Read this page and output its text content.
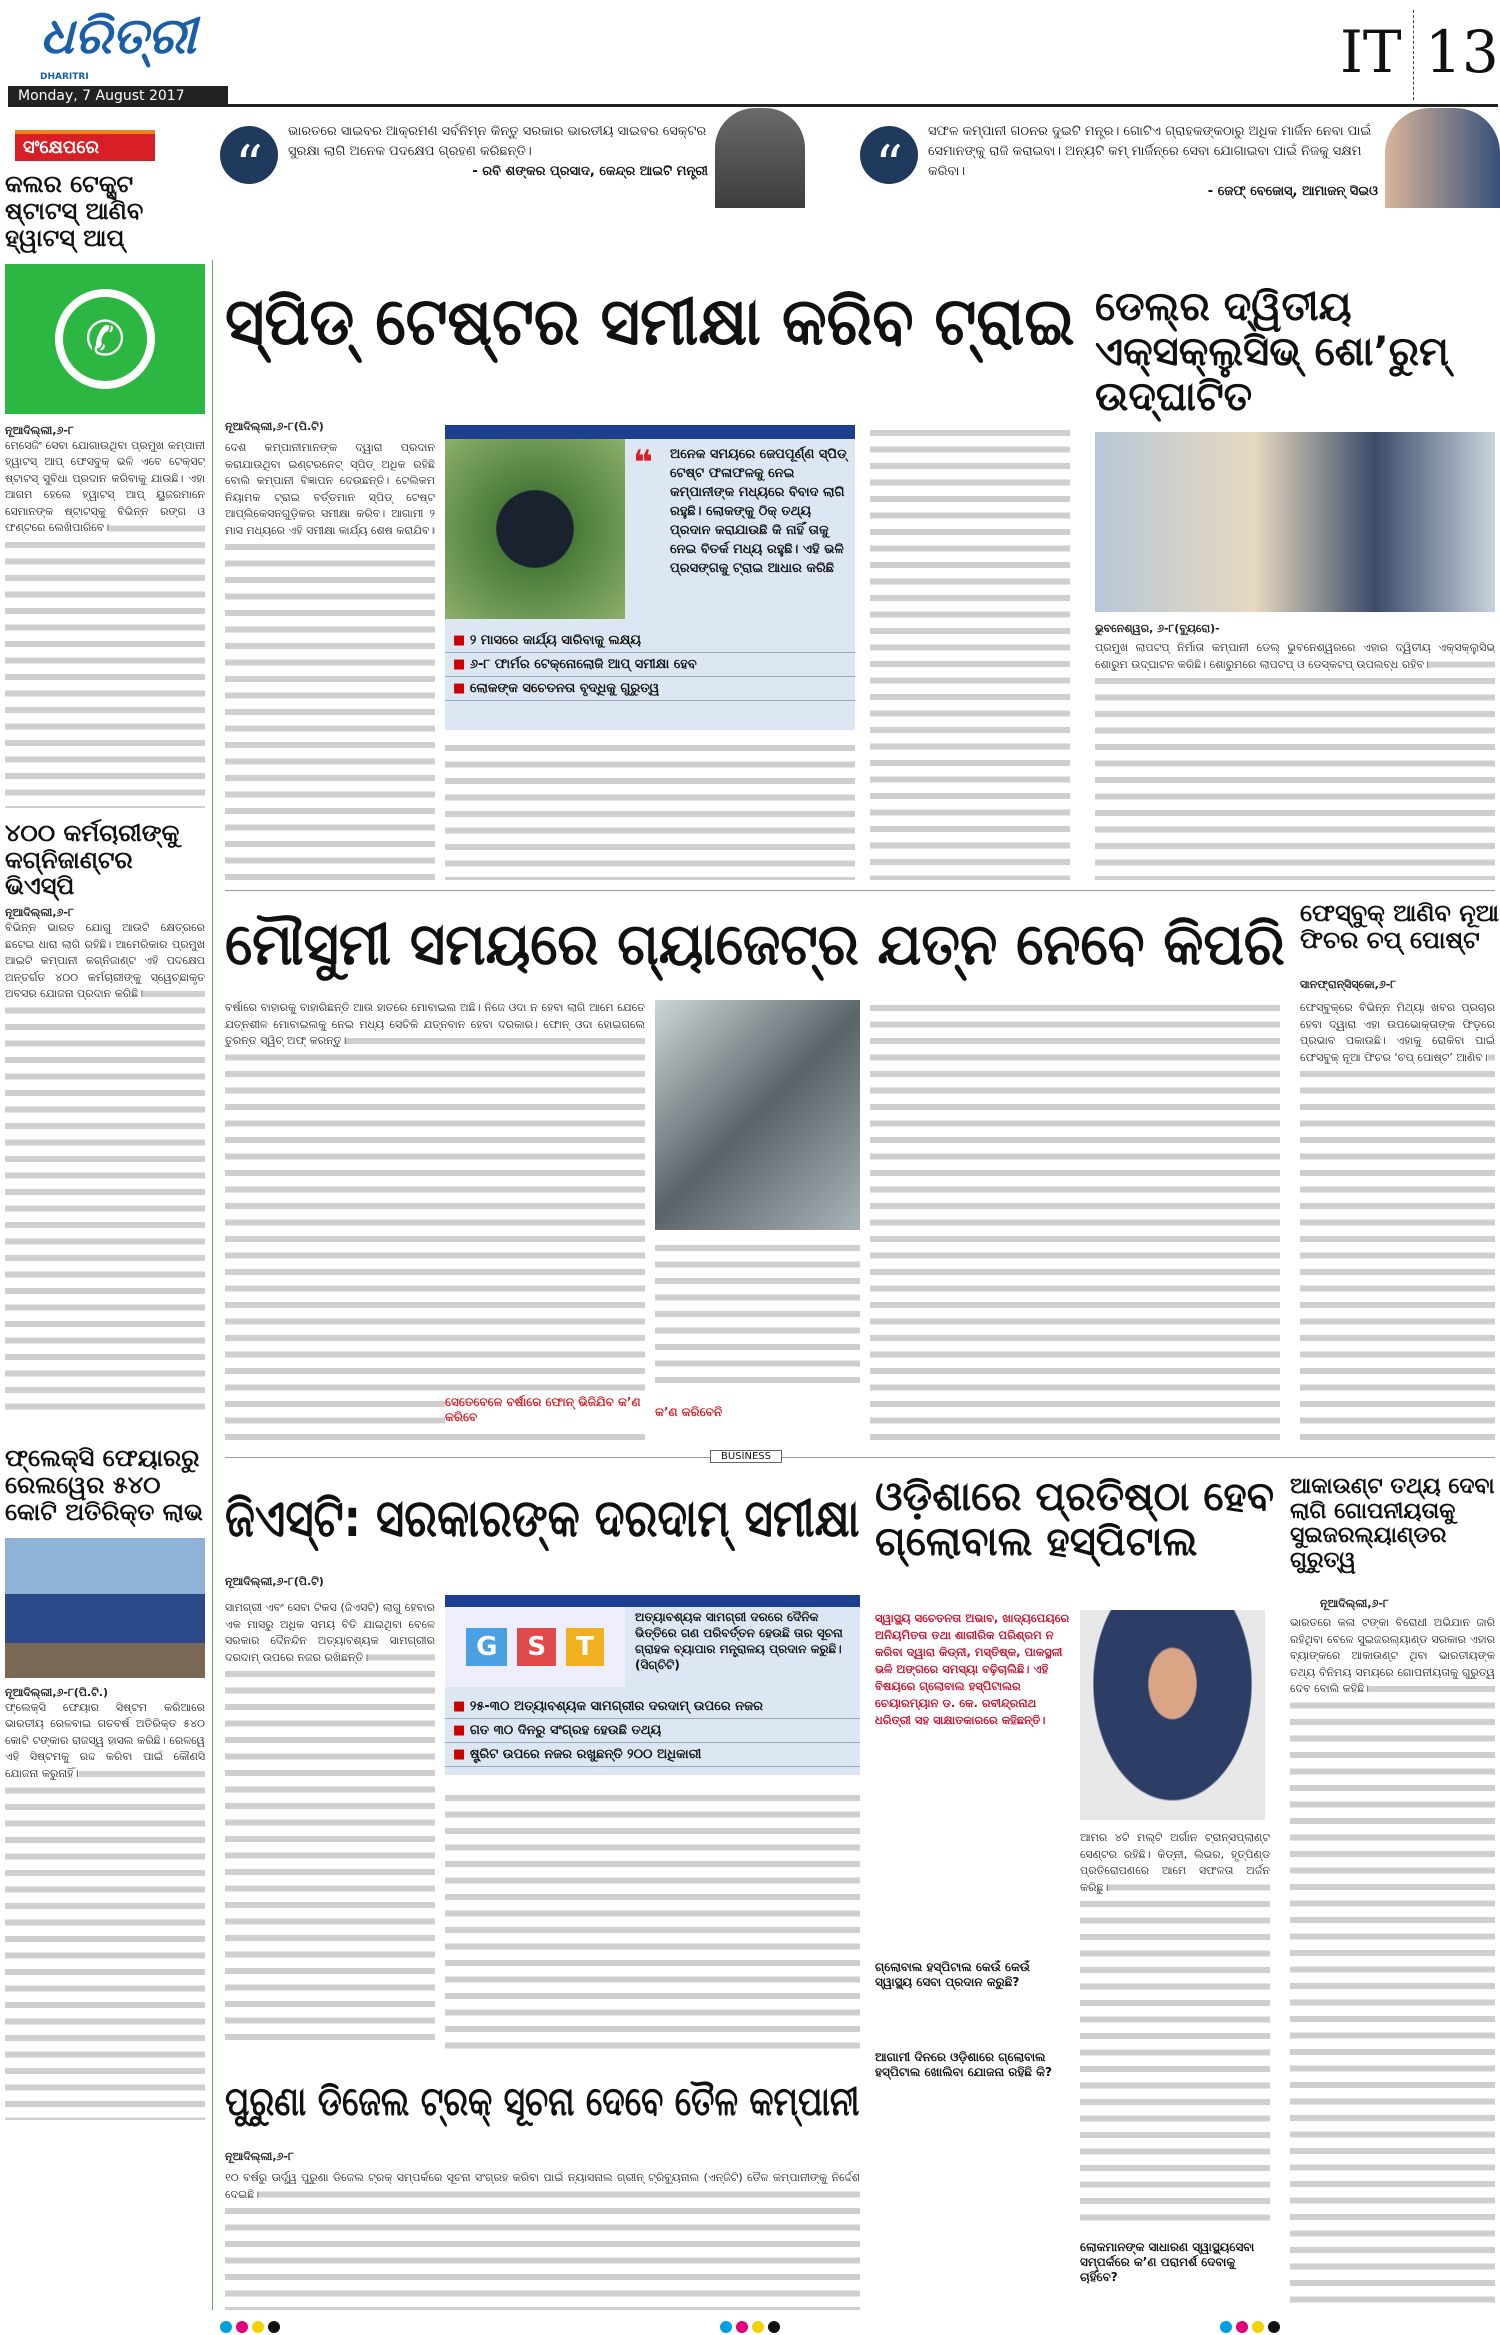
ଧରିତ୍ରୀ
DHARITRI
Monday, 7 August 2017
IT 13
“
ଭାରତରେ ସାଇବର ଆକ୍ରମଣ ସର୍ବନିମ୍ନ କିନ୍ତୁ ସରକାର ଭାରତୀୟ ସାଇବର ସେକ୍ଟର ସୁରକ୍ଷା ଲାଗି ଅନେକ ପଦକ୍ଷେପ ଗ୍ରହଣ କରିଛନ୍ତି।
- ରବି ଶଙ୍କର ପ୍ରସାଦ, କେନ୍ଦ୍ର ଆଇଟି ମନ୍ତ୍ରୀ	“
ସଫଳ କମ୍ପାନୀ ଗଠନର ଦୁଇଟି ମନ୍ତ୍ର। ଗୋଟିଏ ଗ୍ରାହକଙ୍କଠାରୁ ଅଧିକ ମାର୍ଜିନ ନେବା ପାଇଁ ସେମାନଙ୍କୁ ରାଜି କରାଇବା। ଅନ୍ୟଟି କମ୍ ମାର୍ଜିନ୍‌ରେ ସେବା ଯୋଗାଇବା ପାଇଁ ନିଜକୁ ସକ୍ଷମ କରିବା।
- ଜେଫ୍ ବେଜୋସ୍, ଆମାଜନ୍ ସିଇଓ
ସଂକ୍ଷେପରେ
କଲର ଟେକ୍ସ୍ଟ ଷ୍ଟାଟସ୍ ଆଣିବ ହ୍ୱାଟସ୍ ଆପ୍
✆
ନୂଆଦିଲ୍ଲୀ,୬-୮
ମେସେଜିଂ ସେବା ଯୋଗାଉଥିବା ପ୍ରମୁଖ କମ୍ପାନୀ ହ୍ୱାଟସ୍ ଆପ୍ ଫେସବୁକ୍ ଭଳି ଏବେ ଟେକ୍ସଟ୍ ଷ୍ଟାଟସ୍ ସୁବିଧା ପ୍ରଦାନ କରିବାକୁ ଯାଉଛି। ଏହା ଆଗମ ହେଲେ ହ୍ୱାଟସ୍ ଆପ୍ ୟୁଜରମାନେ ସେମାନଙ୍କ ଷ୍ଟାଟସ୍‌କୁ ବିଭିନ୍ନ ରଙ୍ଗ ଓ ଫଣ୍ଟରେ ଲେଖିପାରିବେ।
୪୦୦ କର୍ମଚାରୀଙ୍କୁ କଗ୍‌ନିଜାଣ୍ଟର ଭିଏସ୍‌ପି
ନୂଆଦିଲ୍ଲୀ,୬-୮
ବିଭିନ୍ନ ଭାରତ ଯୋଗୁ ଆଉଟି କ୍ଷେତ୍ରରେ ଛଟେଇ ଧାରା ଲାଗି ରହିଛି। ଆମେରିକାର ପ୍ରମୁଖ ଆଇଟି କମ୍ପାନୀ କଗ୍‌ନିଜାଣ୍ଟ ଏହି ପଦକ୍ଷେପ ଅନ୍ତର୍ଗତ ୪୦୦ କର୍ମଚାରୀଙ୍କୁ ସ୍ୱେଚ୍ଛାକୃତ ଅବସର ଯୋଜନା ପ୍ରଦାନ କରିଛି।
ଫ୍ଲେକ୍ସି ଫେୟାରରୁ ରେଲୱେର ୫୪୦ କୋଟି ଅତିରିକ୍ତ ଲାଭ
ନୂଆଦିଲ୍ଲୀ,୬-୮(ପି.ଟି.)
ଫ୍ଲେକ୍ସି ଫେୟାର ସିଷ୍ଟମ କରିଆରେ ଭାରତୀୟ ରେଳବାଇ ଗତବର୍ଷ ଅତିରିକ୍ତ ୫୪୦ କୋଟି ଟଙ୍କାର ରାଜସ୍ୱ ହାସଲ କରିଛି। ରେଳୱେ ଏହି ସିଷ୍ଟମକୁ ରଦ୍ଦ କରିବା ପାଇଁ କୌଣସି ଯୋଜନା କରୁନାହିଁ।
ସ୍ପିଡ୍ ଟେଷ୍ଟର ସମୀକ୍ଷା କରିବ ଟ୍ରାଇ
ନୂଆଦିଲ୍ଲୀ,୬-୮(ପି.ଟି)
ଦେଶ କମ୍ପାନୀମାନଙ୍କ ଦ୍ୱାରା ପ୍ରଦାନ କରାଯାଉଥିବା ଇଣ୍ଟରନେଟ୍ ସ୍ପିଡ୍ ଅଧିକ ରହିଛି ବୋଲି କମ୍ପାନୀ ବିଜ୍ଞାପନ ଦେଉଛନ୍ତି। ଟେଲିକମ ନିୟାମକ ଟ୍ରାଇ ବର୍ତ୍ତମାନ ସ୍ପିଡ୍ ଟେଷ୍ଟ ଆପ୍ଲିକେସନଗୁଡ଼ିକର ସମୀକ୍ଷା କରିବ। ଆଗାମୀ ୨ ମାସ ମଧ୍ୟରେ ଏହି ସମୀକ୍ଷା କାର୍ଯ୍ୟ ଶେଷ କରାଯିବ।
❝ ଅନେକ ସମୟରେ ଜେପପୂର୍ଣ୍ଣ ସ୍ପିଡ୍ ଟେଷ୍ଟ ଫଳାଫଳକୁ ନେଇ କମ୍ପାନୀଙ୍କ ମଧ୍ୟରେ ବିବାଦ ଲାଗି ରହୁଛି। ଲୋକଙ୍କୁ ଠିକ୍ ତଥ୍ୟ ପ୍ରଦାନ କରାଯାଉଛି କି ନାହିଁ ତାକୁ ନେଇ ବିତର୍କ ମଧ୍ୟ ରହୁଛି। ଏହି ଭଳି ପ୍ରସଙ୍ଗକୁ ଟ୍ରାଇ ଆଧାର କରିଛି
■ ୨ ମାସରେ କାର୍ଯ୍ୟ ସାରିବାକୁ ଲକ୍ଷ୍ୟ
■ ୬-୮ ଫାର୍ମର ଟେକ୍ନୋଲୋଜି ଆପ୍ ସମୀକ୍ଷା ହେବ
■ ଲୋକଙ୍କ ସଚେତନତା ବୃଦ୍ଧିକୁ ଗୁରୁତ୍ୱ
ଡେଲ୍‌ର ଦ୍ୱିତୀୟ ଏକ୍ସକ୍ଲୁସିଭ୍ ଶୋ’ରୁମ୍ ଉଦ୍‌ଘାଟିତ
ଭୁବନେଶ୍ୱର, ୬-୮(ବ୍ୟୁରୋ)-
ପ୍ରମୁଖ ଲାପଟପ୍ ନିର୍ମାତା କମ୍ପାନୀ ଡେଲ୍ ଭୁବନେଶ୍ୱରରେ ଏହାର ଦ୍ୱିତୀୟ ଏକ୍ସକ୍ଲୁସିଭ୍ ଶୋରୁମ ଉଦ୍‌ଘାଟନ କରିଛି। ଶୋରୁମରେ ଲାପଟପ୍ ଓ ଡେସ୍କଟପ୍ ଉପଲବ୍ଧ ରହିବ।
ମୌସୁମୀ ସମୟରେ ଗ୍ୟାଜେଟ୍‌ର ଯତ୍ନ ନେବେ କିପରି
ବର୍ଷାରେ ବାହାରକୁ ବାହାରିଛନ୍ତି ଆଉ ହାତରେ ମୋବାଇଲ ଅଛି। ନିଜେ ଓଦା ନ ହେବା ଲାଗି ଆମେ ଯେତେ ଯତ୍ନଶୀଳ ମୋବାଇଲକୁ ନେଇ ମଧ୍ୟ ସେତିକି ଯତ୍ନବାନ ହେବା ଦରକାର। ଫୋନ୍ ଓଦା ହୋଇଗଲେ ତୁରନ୍ତ ସ୍ୱିଚ୍ ଅଫ୍ କରନ୍ତୁ।
ସେତେବେଳେ ବର୍ଷାରେ ଫୋନ୍ ଭିଜିଯିବ କ’ଣ କରିବେ	କ’ଣ କରିବେନି
ଫେସ୍‌ବୁକ୍ ଆଣିବ ନୂଆ ଫିଚର ଚପ୍ ପୋଷ୍ଟ
ସାନଫ୍ରାନ୍ସିସ୍କୋ,୬-୮
ଫେସ୍‌ବୁକ୍‌ରେ ବିଭିନ୍ନ ମିଥ୍ୟା ଖବର ପ୍ରଚାର ହେବା ଦ୍ୱାରା ଏହା ଉପଭୋକ୍ତାଙ୍କ ଫିଡ଼ରେ ପ୍ରଭାବ ପକାଉଛି। ଏହାକୁ ରୋକିବା ପାଇଁ ଫେସବୁକ୍ ନୂଆ ଫିଚର ‘ଚପ୍ ପୋଷ୍ଟ’ ଆଣିବ।
BUSINESS
ଜିଏସ୍‌ଟି: ସରକାରଙ୍କ ଦରଦାମ୍ ସମୀକ୍ଷା
ନୂଆଦିଲ୍ଲୀ,୬-୮(ପି.ଟି)
ସାମଗ୍ରୀ ଏବଂ ସେବା ଟିକସ (ଜିଏସଟି) ଲାଗୁ ହେବାର ଏକ ମାସରୁ ଅଧିକ ସମୟ ବିତି ଯାଇଥିବା ବେଳେ ସରକାର ଦୈନନ୍ଦିନ ଅତ୍ୟାବଶ୍ୟକ ସାମଗ୍ରୀର ଦରଦାମ୍ ଉପରେ ନଜର ରଖିଛନ୍ତି।	G	S	T
ଅତ୍ୟାବଶ୍ୟକ ସାମଗ୍ରୀ ଦରରେ ଦୈନିକ ଭିତ୍ତିରେ ଗଣ ପରିବର୍ତ୍ତନ ହେଉଛି ତାର ସୂଚନା ଗ୍ରାହକ ବ୍ୟାପାର ମନ୍ତ୍ରାଳୟ ପ୍ରଦାନ କରୁଛି।(ସିଗ୍‌ଚିଟି)
■ ୨୫-୩୦ ଅତ୍ୟାବଶ୍ୟକ ସାମଗ୍ରୀର ଦରଦାମ୍ ଉପରେ ନଜର
■ ଗତ ୩୦ ଦିନରୁ ସଂଗ୍ରହ ହେଉଛି ତଥ୍ୟ
■ ଷ୍ଟ୍ରିଟ ଉପରେ ନଜର ରଖୁଛନ୍ତି ୨୦୦ ଅଧିକାରୀ
ପୁରୁଣା ଡିଜେଲ ଟ୍ରକ୍ ସୂଚନା ଦେବେ ତୈଳ କମ୍ପାନୀ
ନୂଆଦିଲ୍ଲୀ,୬-୮
୧୦ ବର୍ଷରୁ ଊର୍ଦ୍ଧ୍ୱ ପୁରୁଣା ଡିଜେଲ ଟ୍ରକ୍ ସମ୍ପର୍କରେ ସୂଚନା ସଂଗ୍ରହ କରିବା ପାଇଁ ନ୍ୟାସନାଲ ଗ୍ରୀନ୍ ଟ୍ରିବ୍ୟୁନାଲ (ଏନ୍‌ଜିଟି) ତୈଳ କମ୍ପାନୀଙ୍କୁ ନିର୍ଦ୍ଦେଶ ଦେଇଛି।
ଓଡ଼ିଶାରେ ପ୍ରତିଷ୍ଠା ହେବ ଗ୍ଲୋବାଲ ହସ୍‌ପିଟାଲ
ସ୍ୱାସ୍ଥ୍ୟ ସଚେତନତା ଅଭାବ, ଖାଦ୍ୟପେୟରେ ଅନିୟମିତତା ତଥା ଶାରୀରିକ ପରିଶ୍ରମ ନ କରିବା ଦ୍ୱାରା କିଡ୍‌ନୀ, ମସ୍ତିଷ୍କ, ପାକସ୍ଥଳୀ ଭଳି ଅଙ୍ଗରେ ସମସ୍ୟା ବଢ଼ିଚାଲିଛି। ଏହି ବିଷୟରେ ଗ୍ଲୋବାଲ ହସ୍‌ପିଟାଲର ଚେୟାରମ୍ୟାନ ଡ. କେ. ରବୀନ୍ଦ୍ରନାଥ ଧରିତ୍ରୀ ସହ ସାକ୍ଷାତକାରରେ କହିଛନ୍ତି।
ଗ୍ଲୋବାଲ ହସ୍‌ପିଟାଲ କେଉଁ କେଉଁ ସ୍ୱାସ୍ଥ୍ୟ ସେବା ପ୍ରଦାନ କରୁଛି?
ଆଗାମୀ ଦିନରେ ଓଡ଼ିଶାରେ ଗ୍ଲୋବାଲ ହସ୍‌ପିଟାଲ ଖୋଲିବା ଯୋଜନା ରହିଛି କି?
ଆମର ୪ଟି ମଲ୍ଟି ଅର୍ଗାନ ଟ୍ରାନ୍ସପ୍ଲାଣ୍ଟ ସେଣ୍ଟର ରହିଛି। କିଡ୍‌ନୀ, ଲିଭର, ହୃତ୍‌ପିଣ୍ଡ ପ୍ରତିରୋପଣରେ ଆମେ ସଫଳତା ଅର୍ଜନ କରିଛୁ।
ଲୋକମାନଙ୍କ ସାଧାରଣ ସ୍ୱାସ୍ଥ୍ୟସେବା ସମ୍ପର୍କରେ କ’ଣ ପରାମର୍ଶ ଦେବାକୁ ଚାହିଁବେ?
ଆକାଉଣ୍ଟ ତଥ୍ୟ ଦେବା ଲାଗି ଗୋପନୀୟତାକୁ ସୁଇଜରଲ୍ୟାଣ୍ଡର ଗୁରୁତ୍ୱ
ନୂଆଦିଲ୍ଲୀ,୬-୮
ଭାରତରେ କଳା ଟଙ୍କା ବିରୋଧୀ ଅଭିଯାନ ଜାରି ରହିଥିବା ବେଳେ ସୁଇଜରଲ୍ୟାଣ୍ଡ ସରକାର ଏହାର ବ୍ୟାଙ୍କରେ ଆକାଉଣ୍ଟ ଥିବା ଭାରତୀୟଙ୍କ ତଥ୍ୟ ବିନିମୟ ସମୟରେ ଗୋପନୀୟତାକୁ ଗୁରୁତ୍ୱ ଦେବ ବୋଲି କହିଛି।
